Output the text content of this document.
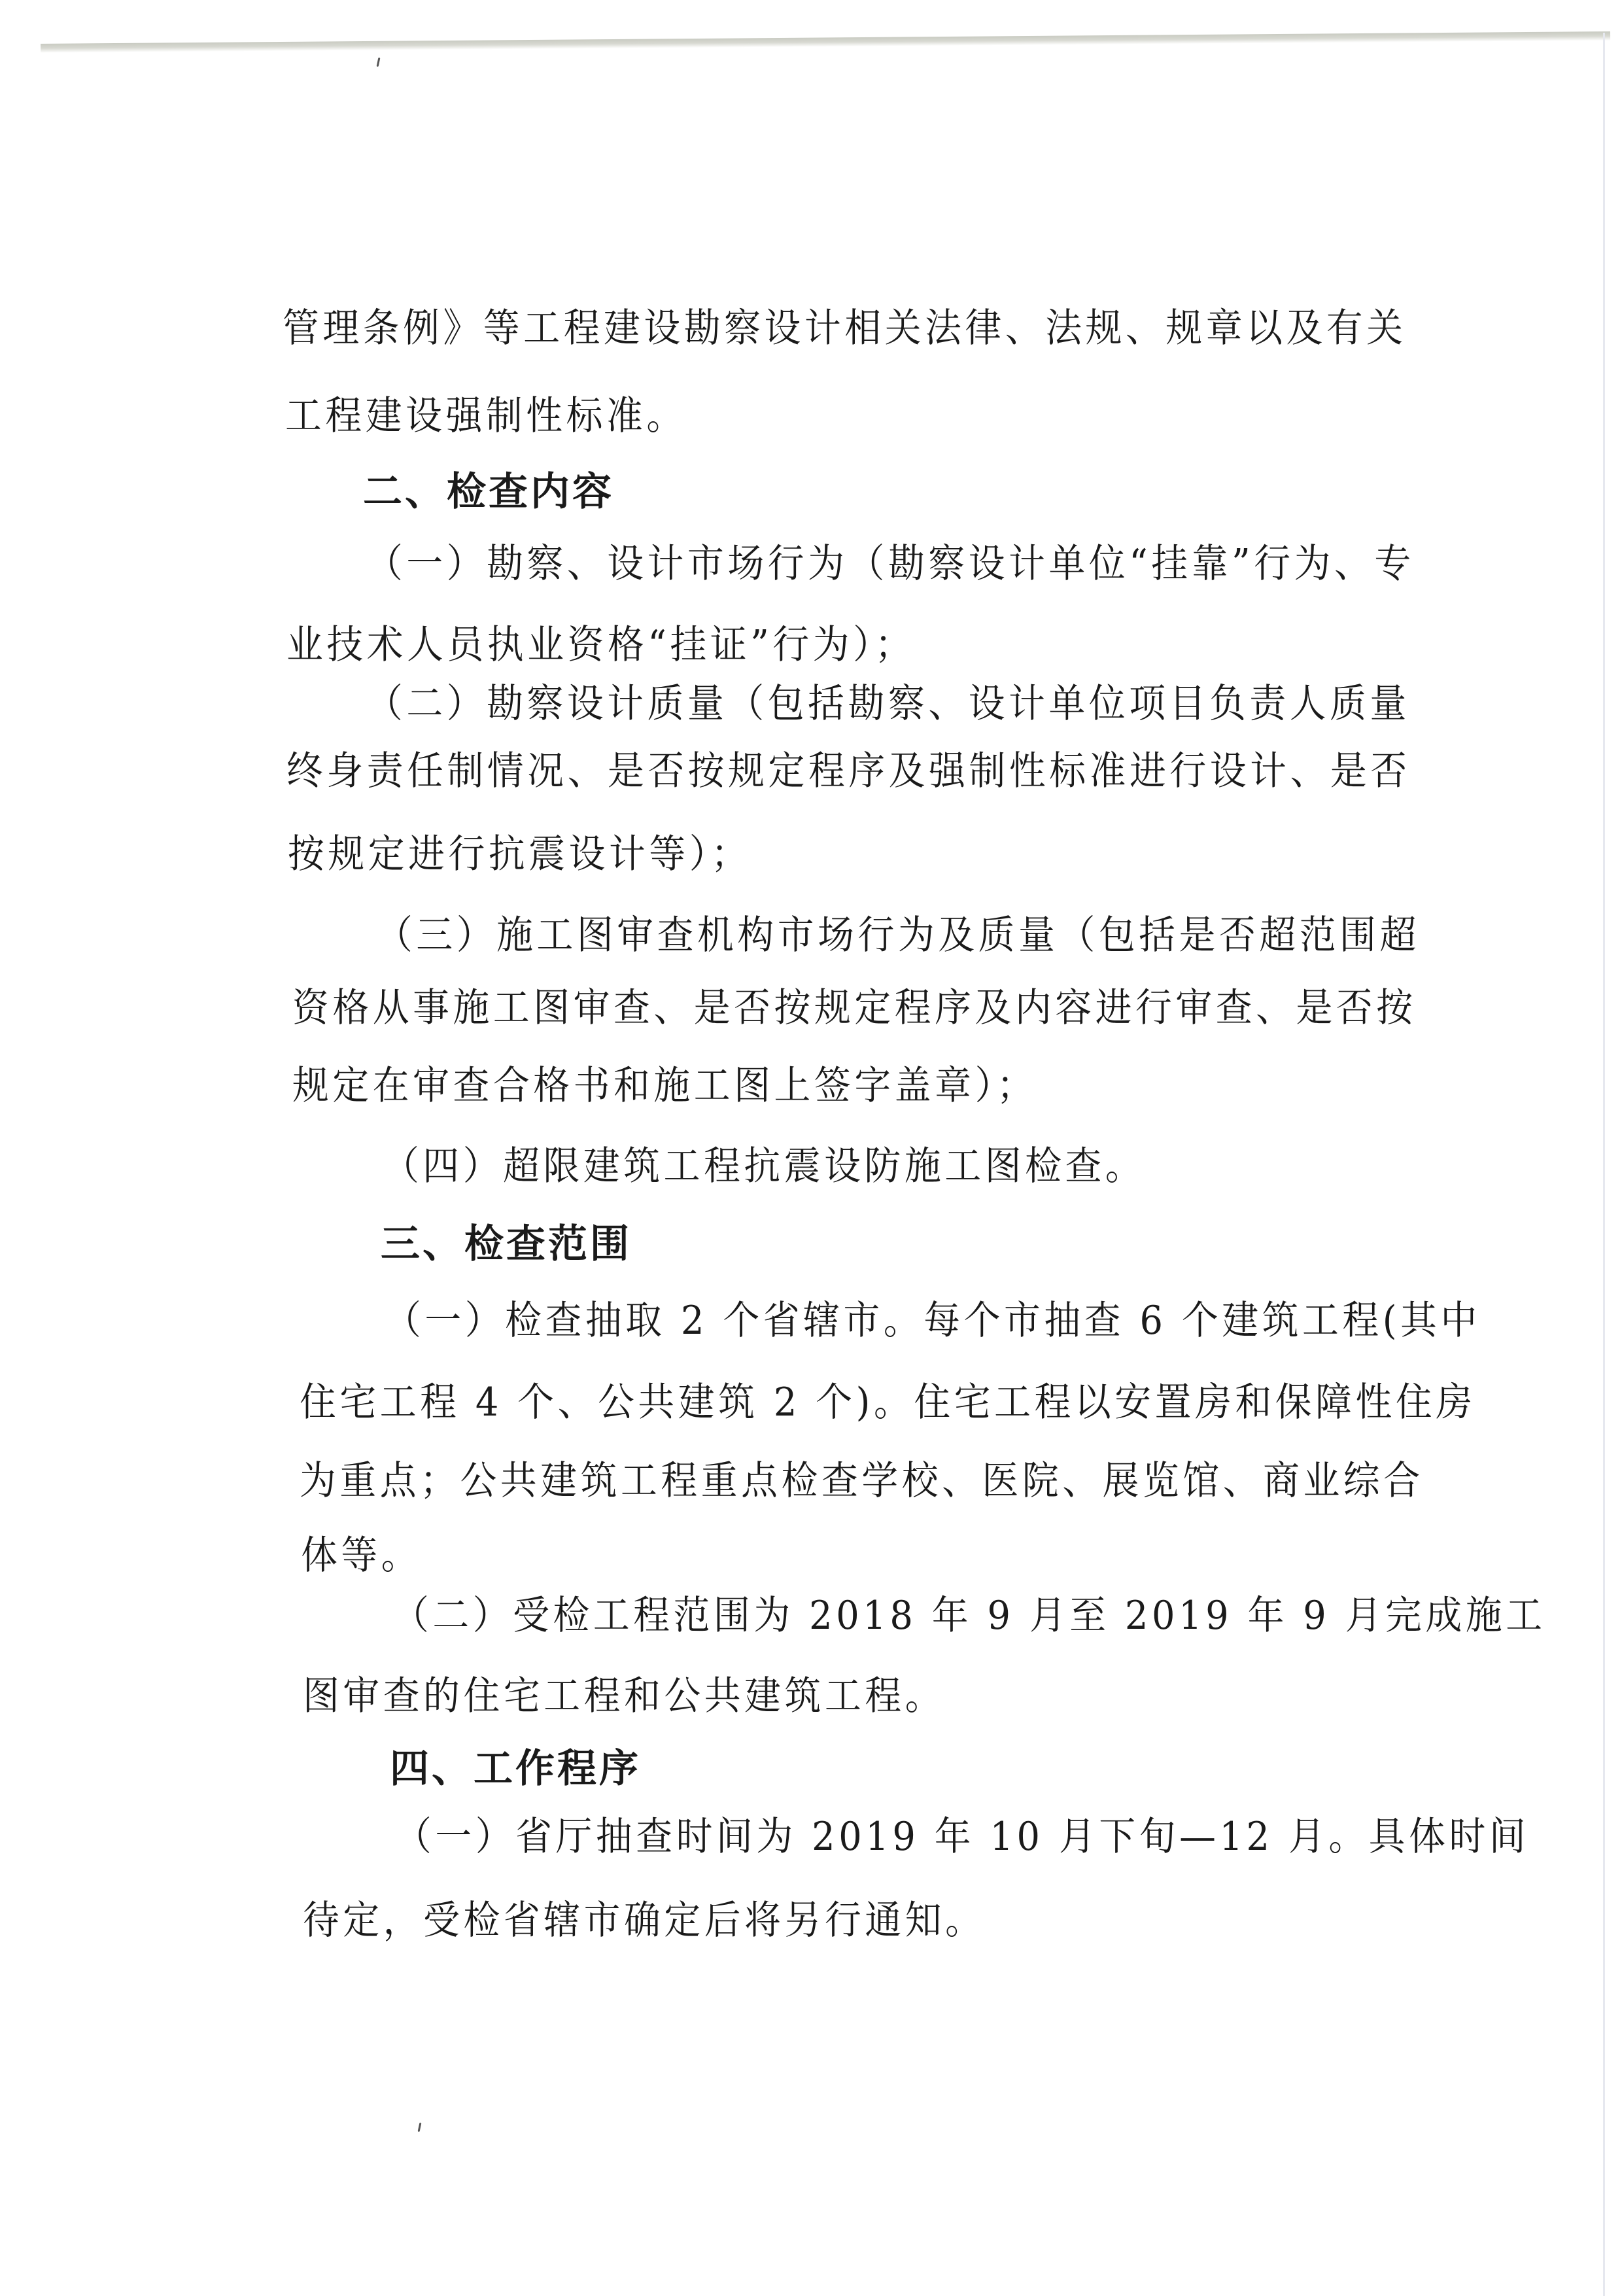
管理条例》等工程建设勘察设计相关法律、法规、规章以及有关
工程建设强制性标准。
二、检查内容
（一）勘察、设计市场行为（勘察设计单位“挂靠”行为、专
业技术人员执业资格“挂证”行为）；
（二）勘察设计质量（包括勘察、设计单位项目负责人质量
终身责任制情况、是否按规定程序及强制性标准进行设计、是否
按规定进行抗震设计等）；
（三）施工图审查机构市场行为及质量（包括是否超范围超
资格从事施工图审查、是否按规定程序及内容进行审查、是否按
规定在审查合格书和施工图上签字盖章）；
（四）超限建筑工程抗震设防施工图检查。
三、检查范围
（一）检查抽取 2 个省辖市。每个市抽查 6 个建筑工程(其中
住宅工程 4 个、公共建筑 2 个)。住宅工程以安置房和保障性住房
为重点；公共建筑工程重点检查学校、医院、展览馆、商业综合
体等。
（二）受检工程范围为 2018 年 9 月至 2019 年 9 月完成施工
图审查的住宅工程和公共建筑工程。
四、工作程序
（一）省厅抽查时间为 2019 年 10 月下旬—12 月。具体时间
待定，受检省辖市确定后将另行通知。
